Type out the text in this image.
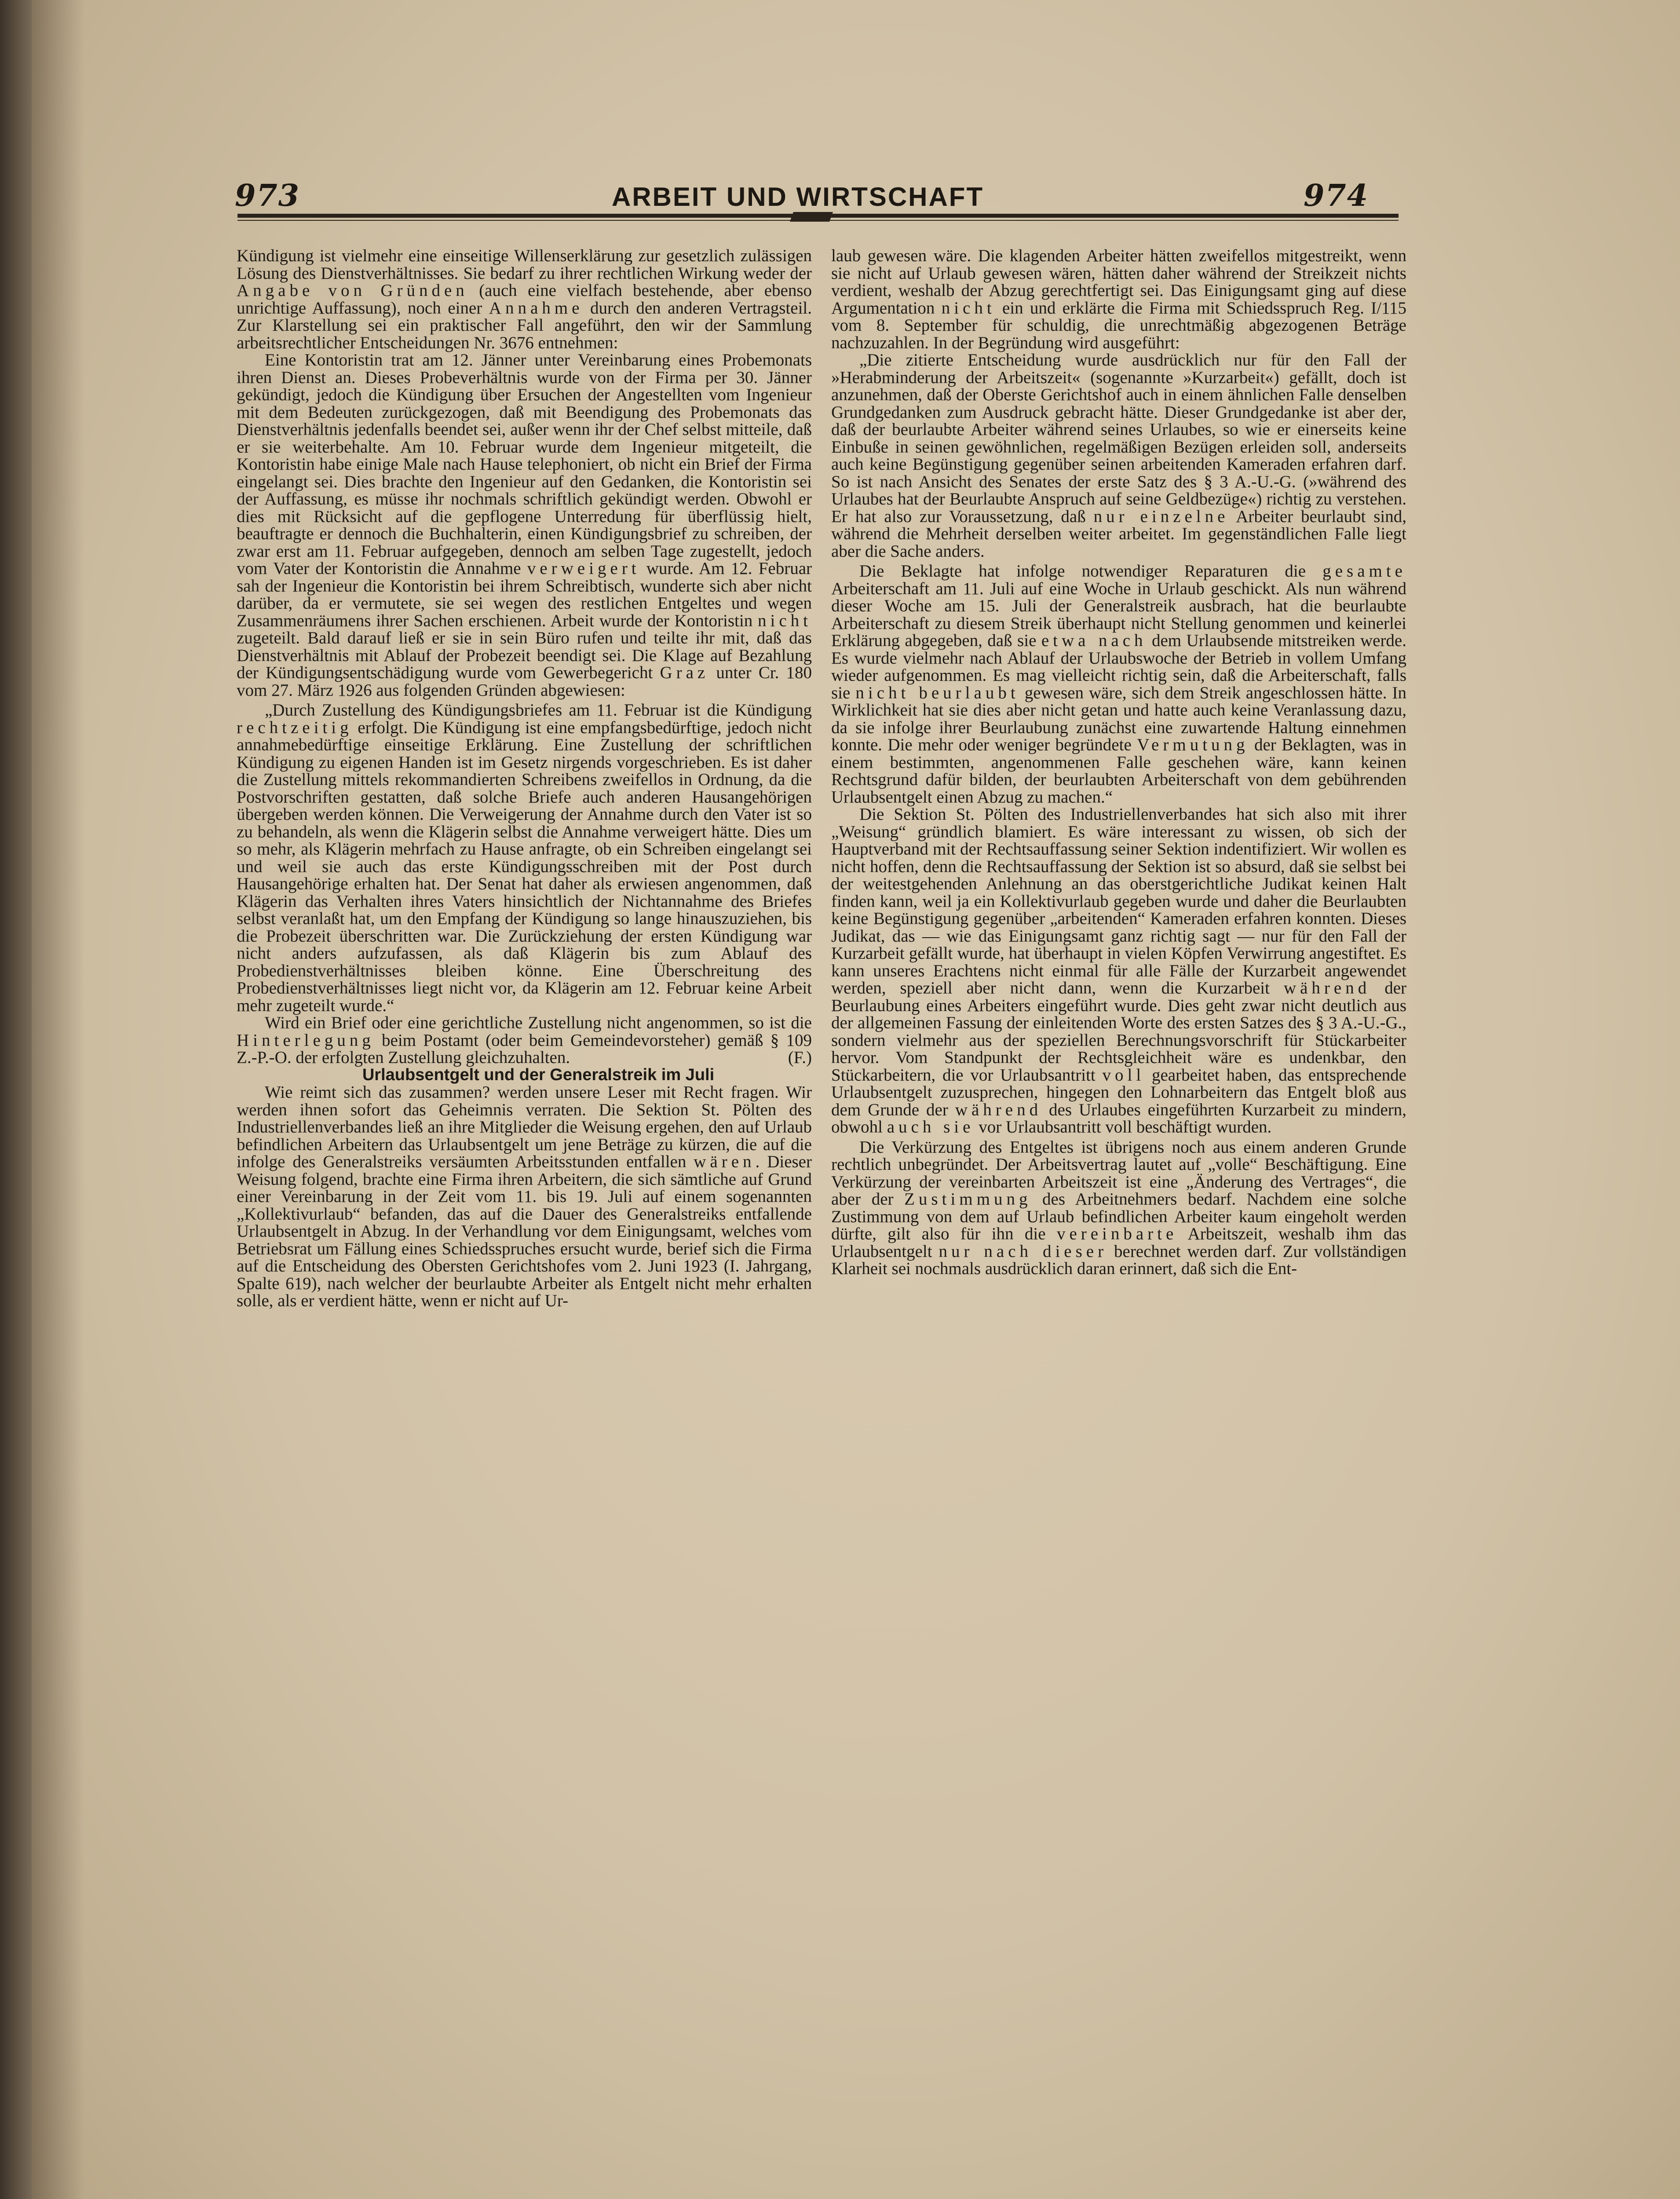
973	ARBEIT UND WIRTSCHAFT	974

Kündigung ist vielmehr eine einseitige Willenserklärung zur gesetzlich zulässigen Lösung des Dienstverhältnisses. Sie bedarf zu ihrer rechtlichen Wirkung weder der Angabe von Gründen (auch eine vielfach bestehende, aber ebenso unrichtige Auffassung), noch einer Annahme durch den anderen Vertragsteil. Zur Klarstellung sei ein praktischer Fall angeführt, den wir der Sammlung arbeitsrechtlicher Entscheidungen Nr. 3676 entnehmen:

Eine Kontoristin trat am 12. Jänner unter Vereinbarung eines Probemonats ihren Dienst an. Dieses Probeverhältnis wurde von der Firma per 30. Jänner gekündigt, jedoch die Kündigung über Ersuchen der Angestellten vom Ingenieur mit dem Bedeuten zurückgezogen, daß mit Beendigung des Probemonats das Dienstverhältnis jedenfalls beendet sei, außer wenn ihr der Chef selbst mitteile, daß er sie weiterbehalte. Am 10. Februar wurde dem Ingenieur mitgeteilt, die Kontoristin habe einige Male nach Hause telephoniert, ob nicht ein Brief der Firma eingelangt sei. Dies brachte den Ingenieur auf den Gedanken, die Kontoristin sei der Auffassung, es müsse ihr nochmals schriftlich gekündigt werden. Obwohl er dies mit Rücksicht auf die gepflogene Unterredung für überflüssig hielt, beauftragte er dennoch die Buchhalterin, einen Kündigungsbrief zu schreiben, der zwar erst am 11. Februar aufgegeben, dennoch am selben Tage zugestellt, jedoch vom Vater der Kontoristin die Annahme verweigert wurde. Am 12. Februar sah der Ingenieur die Kontoristin bei ihrem Schreibtisch, wunderte sich aber nicht darüber, da er vermutete, sie sei wegen des restlichen Entgeltes und wegen Zusammenräumens ihrer Sachen erschienen. Arbeit wurde der Kontoristin nicht zugeteilt. Bald darauf ließ er sie in sein Büro rufen und teilte ihr mit, daß das Dienstverhältnis mit Ablauf der Probezeit beendigt sei. Die Klage auf Bezahlung der Kündigungsentschädigung wurde vom Gewerbegericht Graz unter Cr. 180 vom 27. März 1926 aus folgenden Gründen abgewiesen:

„Durch Zustellung des Kündigungsbriefes am 11. Februar ist die Kündigung rechtzeitig erfolgt. Die Kündigung ist eine empfangsbedürftige, jedoch nicht annahmebedürftige einseitige Erklärung. Eine Zustellung der schriftlichen Kündigung zu eigenen Handen ist im Gesetz nirgends vorgeschrieben. Es ist daher die Zustellung mittels rekommandierten Schreibens zweifellos in Ordnung, da die Postvorschriften gestatten, daß solche Briefe auch anderen Hausangehörigen übergeben werden können. Die Verweigerung der Annahme durch den Vater ist so zu behandeln, als wenn die Klägerin selbst die Annahme verweigert hätte. Dies um so mehr, als Klägerin mehrfach zu Hause anfragte, ob ein Schreiben eingelangt sei und weil sie auch das erste Kündigungsschreiben mit der Post durch Hausangehörige erhalten hat. Der Senat hat daher als erwiesen angenommen, daß Klägerin das Verhalten ihres Vaters hinsichtlich der Nichtannahme des Briefes selbst veranlaßt hat, um den Empfang der Kündigung so lange hinauszuziehen, bis die Probezeit überschritten war. Die Zurückziehung der ersten Kündigung war nicht anders aufzufassen, als daß Klägerin bis zum Ablauf des Probedienstverhältnisses bleiben könne. Eine Überschreitung des Probedienstverhältnisses liegt nicht vor, da Klägerin am 12. Februar keine Arbeit mehr zugeteilt wurde.“

Wird ein Brief oder eine gerichtliche Zustellung nicht angenommen, so ist die Hinterlegung beim Postamt (oder beim Gemeindevorsteher) gemäß § 109 Z.-P.-O. der erfolgten Zustellung gleichzuhalten.	(F.)

Urlaubsentgelt und der Generalstreik im Juli

Wie reimt sich das zusammen? werden unsere Leser mit Recht fragen. Wir werden ihnen sofort das Geheimnis verraten. Die Sektion St. Pölten des Industriellenverbandes ließ an ihre Mitglieder die Weisung ergehen, den auf Urlaub befindlichen Arbeitern das Urlaubsentgelt um jene Beträge zu kürzen, die auf die infolge des Generalstreiks versäumten Arbeitsstunden entfallen wären. Dieser Weisung folgend, brachte eine Firma ihren Arbeitern, die sich sämtliche auf Grund einer Vereinbarung in der Zeit vom 11. bis 19. Juli auf einem sogenannten „Kollektivurlaub“ befanden, das auf die Dauer des Generalstreiks entfallende Urlaubsentgelt in Abzug. In der Verhandlung vor dem Einigungsamt, welches vom Betriebsrat um Fällung eines Schiedsspruches ersucht wurde, berief sich die Firma auf die Entscheidung des Obersten Gerichtshofes vom 2. Juni 1923 (I. Jahrgang, Spalte 619), nach welcher der beurlaubte Arbeiter als Entgelt nicht mehr erhalten solle, als er verdient hätte, wenn er nicht auf Ur-

laub gewesen wäre. Die klagenden Arbeiter hätten zweifellos mitgestreikt, wenn sie nicht auf Urlaub gewesen wären, hätten daher während der Streikzeit nichts verdient, weshalb der Abzug gerechtfertigt sei. Das Einigungsamt ging auf diese Argumentation nicht ein und erklärte die Firma mit Schiedsspruch Reg. I/115 vom 8. September für schuldig, die unrechtmäßig abgezogenen Beträge nachzuzahlen. In der Begründung wird ausgeführt:

„Die zitierte Entscheidung wurde ausdrücklich nur für den Fall der »Herabminderung der Arbeitszeit« (sogenannte »Kurzarbeit«) gefällt, doch ist anzunehmen, daß der Oberste Gerichtshof auch in einem ähnlichen Falle denselben Grundgedanken zum Ausdruck gebracht hätte. Dieser Grundgedanke ist aber der, daß der beurlaubte Arbeiter während seines Urlaubes, so wie er einerseits keine Einbuße in seinen gewöhnlichen, regelmäßigen Bezügen erleiden soll, anderseits auch keine Begünstigung gegenüber seinen arbeitenden Kameraden erfahren darf. So ist nach Ansicht des Senates der erste Satz des § 3 A.-U.-G. (»während des Urlaubes hat der Beurlaubte Anspruch auf seine Geldbezüge«) richtig zu verstehen. Er hat also zur Voraussetzung, daß nur einzelne Arbeiter beurlaubt sind, während die Mehrheit derselben weiter arbeitet. Im gegenständlichen Falle liegt aber die Sache anders.

Die Beklagte hat infolge notwendiger Reparaturen die gesamte Arbeiterschaft am 11. Juli auf eine Woche in Urlaub geschickt. Als nun während dieser Woche am 15. Juli der Generalstreik ausbrach, hat die beurlaubte Arbeiterschaft zu diesem Streik überhaupt nicht Stellung genommen und keinerlei Erklärung abgegeben, daß sie etwa nach dem Urlaubsende mitstreiken werde. Es wurde vielmehr nach Ablauf der Urlaubswoche der Betrieb in vollem Umfang wieder aufgenommen. Es mag vielleicht richtig sein, daß die Arbeiterschaft, falls sie nicht beurlaubt gewesen wäre, sich dem Streik angeschlossen hätte. In Wirklichkeit hat sie dies aber nicht getan und hatte auch keine Veranlassung dazu, da sie infolge ihrer Beurlaubung zunächst eine zuwartende Haltung einnehmen konnte. Die mehr oder weniger begründete Vermutung der Beklagten, was in einem bestimmten, angenommenen Falle geschehen wäre, kann keinen Rechtsgrund dafür bilden, der beurlaubten Arbeiterschaft von dem gebührenden Urlaubsentgelt einen Abzug zu machen.“

Die Sektion St. Pölten des Industriellenverbandes hat sich also mit ihrer „Weisung“ gründlich blamiert. Es wäre interessant zu wissen, ob sich der Hauptverband mit der Rechtsauffassung seiner Sektion indentifiziert. Wir wollen es nicht hoffen, denn die Rechtsauffassung der Sektion ist so absurd, daß sie selbst bei der weitestgehenden Anlehnung an das oberstgerichtliche Judikat keinen Halt finden kann, weil ja ein Kollektivurlaub gegeben wurde und daher die Beurlaubten keine Begünstigung gegenüber „arbeitenden“ Kameraden erfahren konnten. Dieses Judikat, das — wie das Einigungsamt ganz richtig sagt — nur für den Fall der Kurzarbeit gefällt wurde, hat überhaupt in vielen Köpfen Verwirrung angestiftet. Es kann unseres Erachtens nicht einmal für alle Fälle der Kurzarbeit angewendet werden, speziell aber nicht dann, wenn die Kurzarbeit während der Beurlaubung eines Arbeiters eingeführt wurde. Dies geht zwar nicht deutlich aus der allgemeinen Fassung der einleitenden Worte des ersten Satzes des § 3 A.-U.-G., sondern vielmehr aus der speziellen Berechnungsvorschrift für Stückarbeiter hervor. Vom Standpunkt der Rechtsgleichheit wäre es undenkbar, den Stückarbeitern, die vor Urlaubsantritt voll gearbeitet haben, das entsprechende Urlaubsentgelt zuzusprechen, hingegen den Lohnarbeitern das Entgelt bloß aus dem Grunde der während des Urlaubes eingeführten Kurzarbeit zu mindern, obwohl auch sie vor Urlaubsantritt voll beschäftigt wurden.

Die Verkürzung des Entgeltes ist übrigens noch aus einem anderen Grunde rechtlich unbegründet. Der Arbeitsvertrag lautet auf „volle“ Beschäftigung. Eine Verkürzung der vereinbarten Arbeitszeit ist eine „Änderung des Vertrages“, die aber der Zustimmung des Arbeitnehmers bedarf. Nachdem eine solche Zustimmung von dem auf Urlaub befindlichen Arbeiter kaum eingeholt werden dürfte, gilt also für ihn die vereinbarte Arbeitszeit, weshalb ihm das Urlaubsentgelt nur nach dieser berechnet werden darf. Zur vollständigen Klarheit sei nochmals ausdrücklich daran erinnert, daß sich die Ent-
